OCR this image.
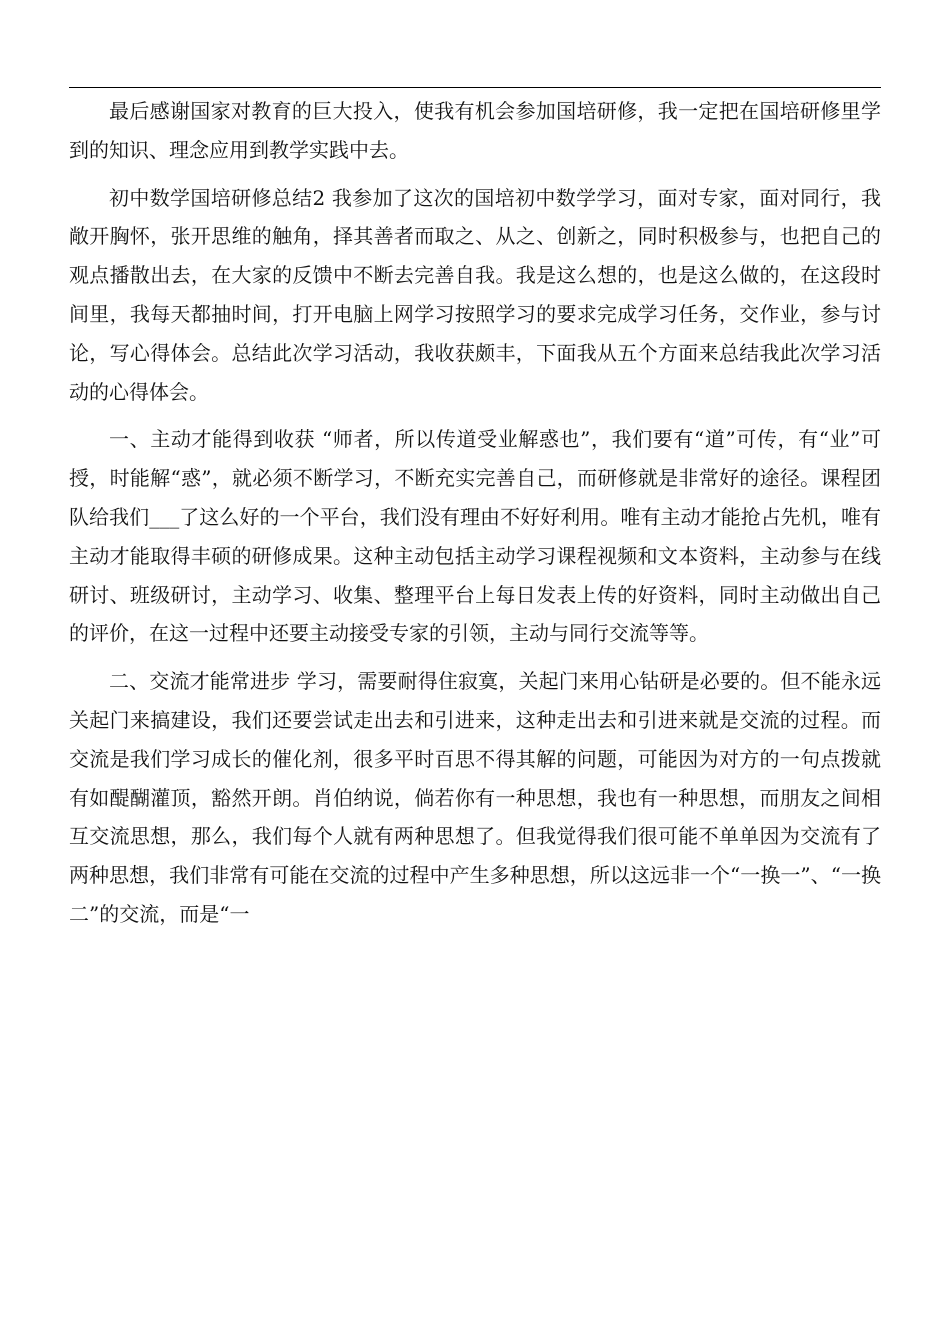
最后感谢国家对教育的巨大投入，使我有机会参加国培研修，我一定把在国培研修里学到的知识、理念应用到教学实践中去。

初中数学国培研修总结2 我参加了这次的国培初中数学学习，面对专家，面对同行，我敞开胸怀，张开思维的触角，择其善者而取之、从之、创新之，同时积极参与，也把自己的观点播散出去，在大家的反馈中不断去完善自我。我是这么想的，也是这么做的，在这段时间里，我每天都抽时间，打开电脑上网学习按照学习的要求完成学习任务，交作业，参与讨论，写心得体会。总结此次学习活动，我收获颇丰，下面我从五个方面来总结我此次学习活动的心得体会。

一、主动才能得到收获 “师者，所以传道受业解惑也”，我们要有“道”可传，有“业”可授，时能解“惑”，就必须不断学习，不断充实完善自己，而研修就是非常好的途径。课程团队给我们___了这么好的一个平台，我们没有理由不好好利用。唯有主动才能抢占先机，唯有主动才能取得丰硕的研修成果。这种主动包括主动学习课程视频和文本资料，主动参与在线研讨、班级研讨，主动学习、收集、整理平台上每日发表上传的好资料，同时主动做出自己的评价，在这一过程中还要主动接受专家的引领，主动与同行交流等等。

二、交流才能常进步 学习，需要耐得住寂寞，关起门来用心钻研是必要的。但不能永远关起门来搞建设，我们还要尝试走出去和引进来，这种走出去和引进来就是交流的过程。而交流是我们学习成长的催化剂，很多平时百思不得其解的问题，可能因为对方的一句点拨就有如醍醐灌顶，豁然开朗。肖伯纳说，倘若你有一种思想，我也有一种思想，而朋友之间相互交流思想，那么，我们每个人就有两种思想了。但我觉得我们很可能不单单因为交流有了两种思想，我们非常有可能在交流的过程中产生多种思想，所以这远非一个“一换一”、“一换二”的交流，而是“一
